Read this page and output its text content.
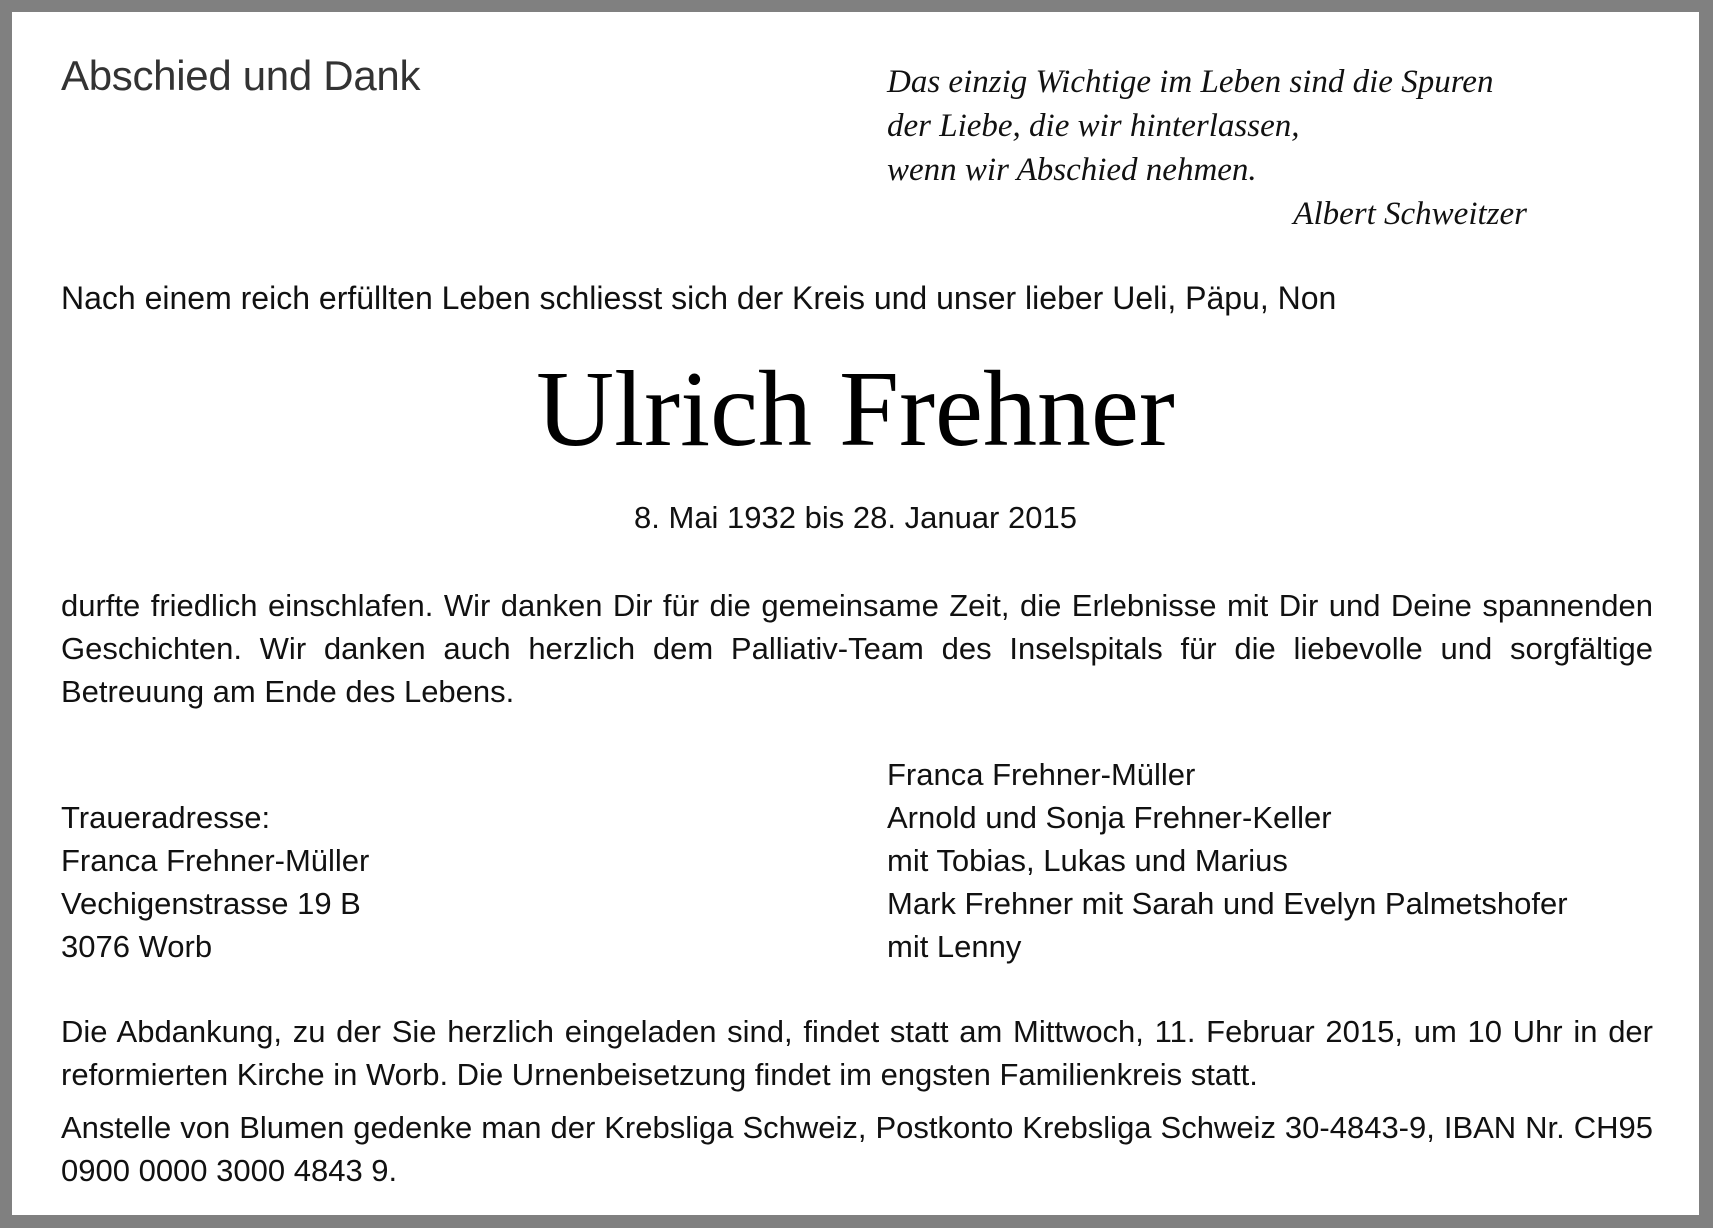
Abschied und Dank	Das einzig Wichtige im Leben sind die Spuren
der Liebe, die wir hinterlassen,
wenn wir Abschied nehmen.
Albert Schweitzer

Nach einem reich erfüllten Leben schliesst sich der Kreis und unser lieber Ueli, Päpu, Non

Ulrich Frehner

8. Mai 1932 bis 28. Januar 2015

durfte friedlich einschlafen. Wir danken Dir für die gemeinsame Zeit, die Erlebnisse mit Dir und Deine spannenden Geschichten. Wir danken auch herzlich dem Palliativ-Team des Inselspitals für die liebevolle und sorgfältige Betreuung am Ende des Lebens.

Traueradresse:
Franca Frehner-Müller
Vechigenstrasse 19 B
3076 Worb
Franca Frehner-Müller
Arnold und Sonja Frehner-Keller
mit Tobias, Lukas und Marius
Mark Frehner mit Sarah und Evelyn Palmetshofer
mit Lenny

Die Abdankung, zu der Sie herzlich eingeladen sind, findet statt am Mittwoch, 11. Februar 2015, um 10 Uhr in der reformierten Kirche in Worb. Die Urnenbeisetzung findet im engsten Familienkreis statt.

Anstelle von Blumen gedenke man der Krebsliga Schweiz, Postkonto Krebsliga Schweiz 30-4843-9, IBAN Nr. CH95 0900 0000 3000 4843 9.
